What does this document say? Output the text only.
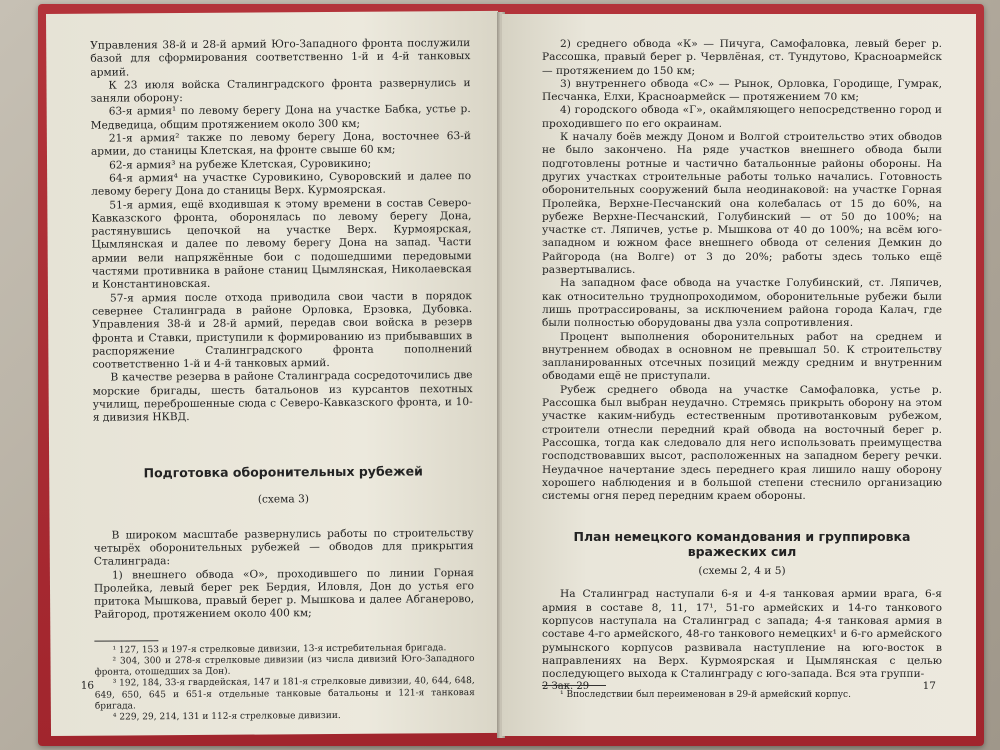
Управления 38-й и 28-й армий Юго-Западного фронта послужили базой для сформирования соответственно 1-й и 4-й танковых армий.

К 23 июля войска Сталинградского фронта развернулись и заняли оборону:

63-я армия¹ по левому берегу Дона на участке Бабка, устье р. Медведица, общим протяжением около 300 км;

21-я армия² также по левому берегу Дона, восточнее 63-й армии, до станицы Клетская, на фронте свыше 60 км;

62-я армия³ на рубеже Клетская, Суровикино;

64-я армия⁴ на участке Суровикино, Суворовский и далее по левому берегу Дона до станицы Верх. Курмоярская.

51-я армия, ещё входившая к этому времени в состав Северо-Кавказского фронта, оборонялась по левому берегу Дона, растянувшись цепочкой на участке Верх. Курмоярская, Цымлянская и далее по левому берегу Дона на запад. Части армии вели напряжённые бои с подошедшими передовыми частями противника в районе станиц Цымлянская, Николаевская и Константиновская.

57-я армия после отхода приводила свои части в порядок севернее Сталинграда в районе Орловка, Ерзовка, Дубовка. Управления 38-й и 28-й армий, передав свои войска в резерв фронта и Ставки, приступили к формированию из прибывавших в распоряжение Сталинградского фронта пополнений соответственно 1-й и 4-й танковых армий.

В качестве резерва в районе Сталинграда сосредоточились две морские бригады, шесть батальонов из курсантов пехотных училищ, переброшенные сюда с Северо-Кавказского фронта, и 10-я дивизия НКВД.

Подготовка оборонительных рубежей

(схема 3)

В широком масштабе развернулись работы по строительству четырёх оборонительных рубежей — обводов для прикрытия Сталинграда:

1) внешнего обвода «О», проходившего по линии Горная Пролейка, левый берег рек Бердия, Иловля, Дон до устья его притока Мышкова, правый берег р. Мышкова и далее Абганерово, Райгород, протяжением около 400 км;

¹ 127, 153 и 197-я стрелковые дивизии, 13-я истребительная бригада.

² 304, 300 и 278-я стрелковые дивизии (из числа дивизий Юго-Западного фронта, отошедших за Дон).

³ 192, 184, 33-я гвардейская, 147 и 181-я стрелковые дивизии, 40, 644, 648, 649, 650, 645 и 651-я отдельные танковые батальоны и 121-я танковая бригада.

⁴ 229, 29, 214, 131 и 112-я стрелковые дивизии.

16

2) среднего обвода «К» — Пичуга, Самофаловка, левый берег р. Рассошка, правый берег р. Червлёная, ст. Тундутово, Красноармейск — протяжением до 150 км;

3) внутреннего обвода «С» — Рынок, Орловка, Городище, Гумрак, Песчанка, Елхи, Красноармейск — протяжением 70 км;

4) городского обвода «Г», окаймляющего непосредственно город и проходившего по его окраинам.

К началу боёв между Доном и Волгой строительство этих обводов не было закончено. На ряде участков внешнего обвода были подготовлены ротные и частично батальонные районы обороны. На других участках строительные работы только начались. Готовность оборонительных сооружений была неодинаковой: на участке Горная Пролейка, Верхне-Песчанский она колебалась от 15 до 60%, на рубеже Верхне-Песчанский, Голубинский — от 50 до 100%; на участке ст. Ляпичев, устье р. Мышкова от 40 до 100%; на всём юго-западном и южном фасе внешнего обвода от селения Демкин до Райгорода (на Волге) от 3 до 20%; работы здесь только ещё развертывались.

На западном фасе обвода на участке Голубинский, ст. Ляпичев, как относительно труднопроходимом, оборонительные рубежи были лишь протрассированы, за исключением района города Калач, где были полностью оборудованы два узла сопротивления.

Процент выполнения оборонительных работ на среднем и внутреннем обводах в основном не превышал 50. К строительству запланированных отсечных позиций между средним и внутренним обводами ещё не приступали.

Рубеж среднего обвода на участке Самофаловка, устье р. Рассошка был выбран неудачно. Стремясь прикрыть оборону на этом участке каким-нибудь естественным противотанковым рубежом, строители отнесли передний край обвода на восточный берег р. Рассошка, тогда как следовало для него использовать преимущества господствовавших высот, расположенных на западном берегу речки. Неудачное начертание здесь переднего края лишило нашу оборону хорошего наблюдения и в большой степени стеснило организацию системы огня перед передним краем обороны.

План немецкого командования и группировка

вражеских сил

(схемы 2, 4 и 5)

На Сталинград наступали 6-я и 4-я танковая армии врага, 6-я армия в составе 8, 11, 17¹, 51-го армейских и 14-го танкового корпусов наступала на Сталинград с запада; 4-я танковая армия в составе 4-го армейского, 48-го танкового немецких¹ и 6-го армейского румынского корпусов развивала наступление на юго-восток в направлениях на Верх. Курмоярская и Цымлянская с целью последующего выхода к Сталинграду с юго-запада. Вся эта группи-

¹ Впоследствии был переименован в 29-й армейский корпус.

2 Зак. 29	17
